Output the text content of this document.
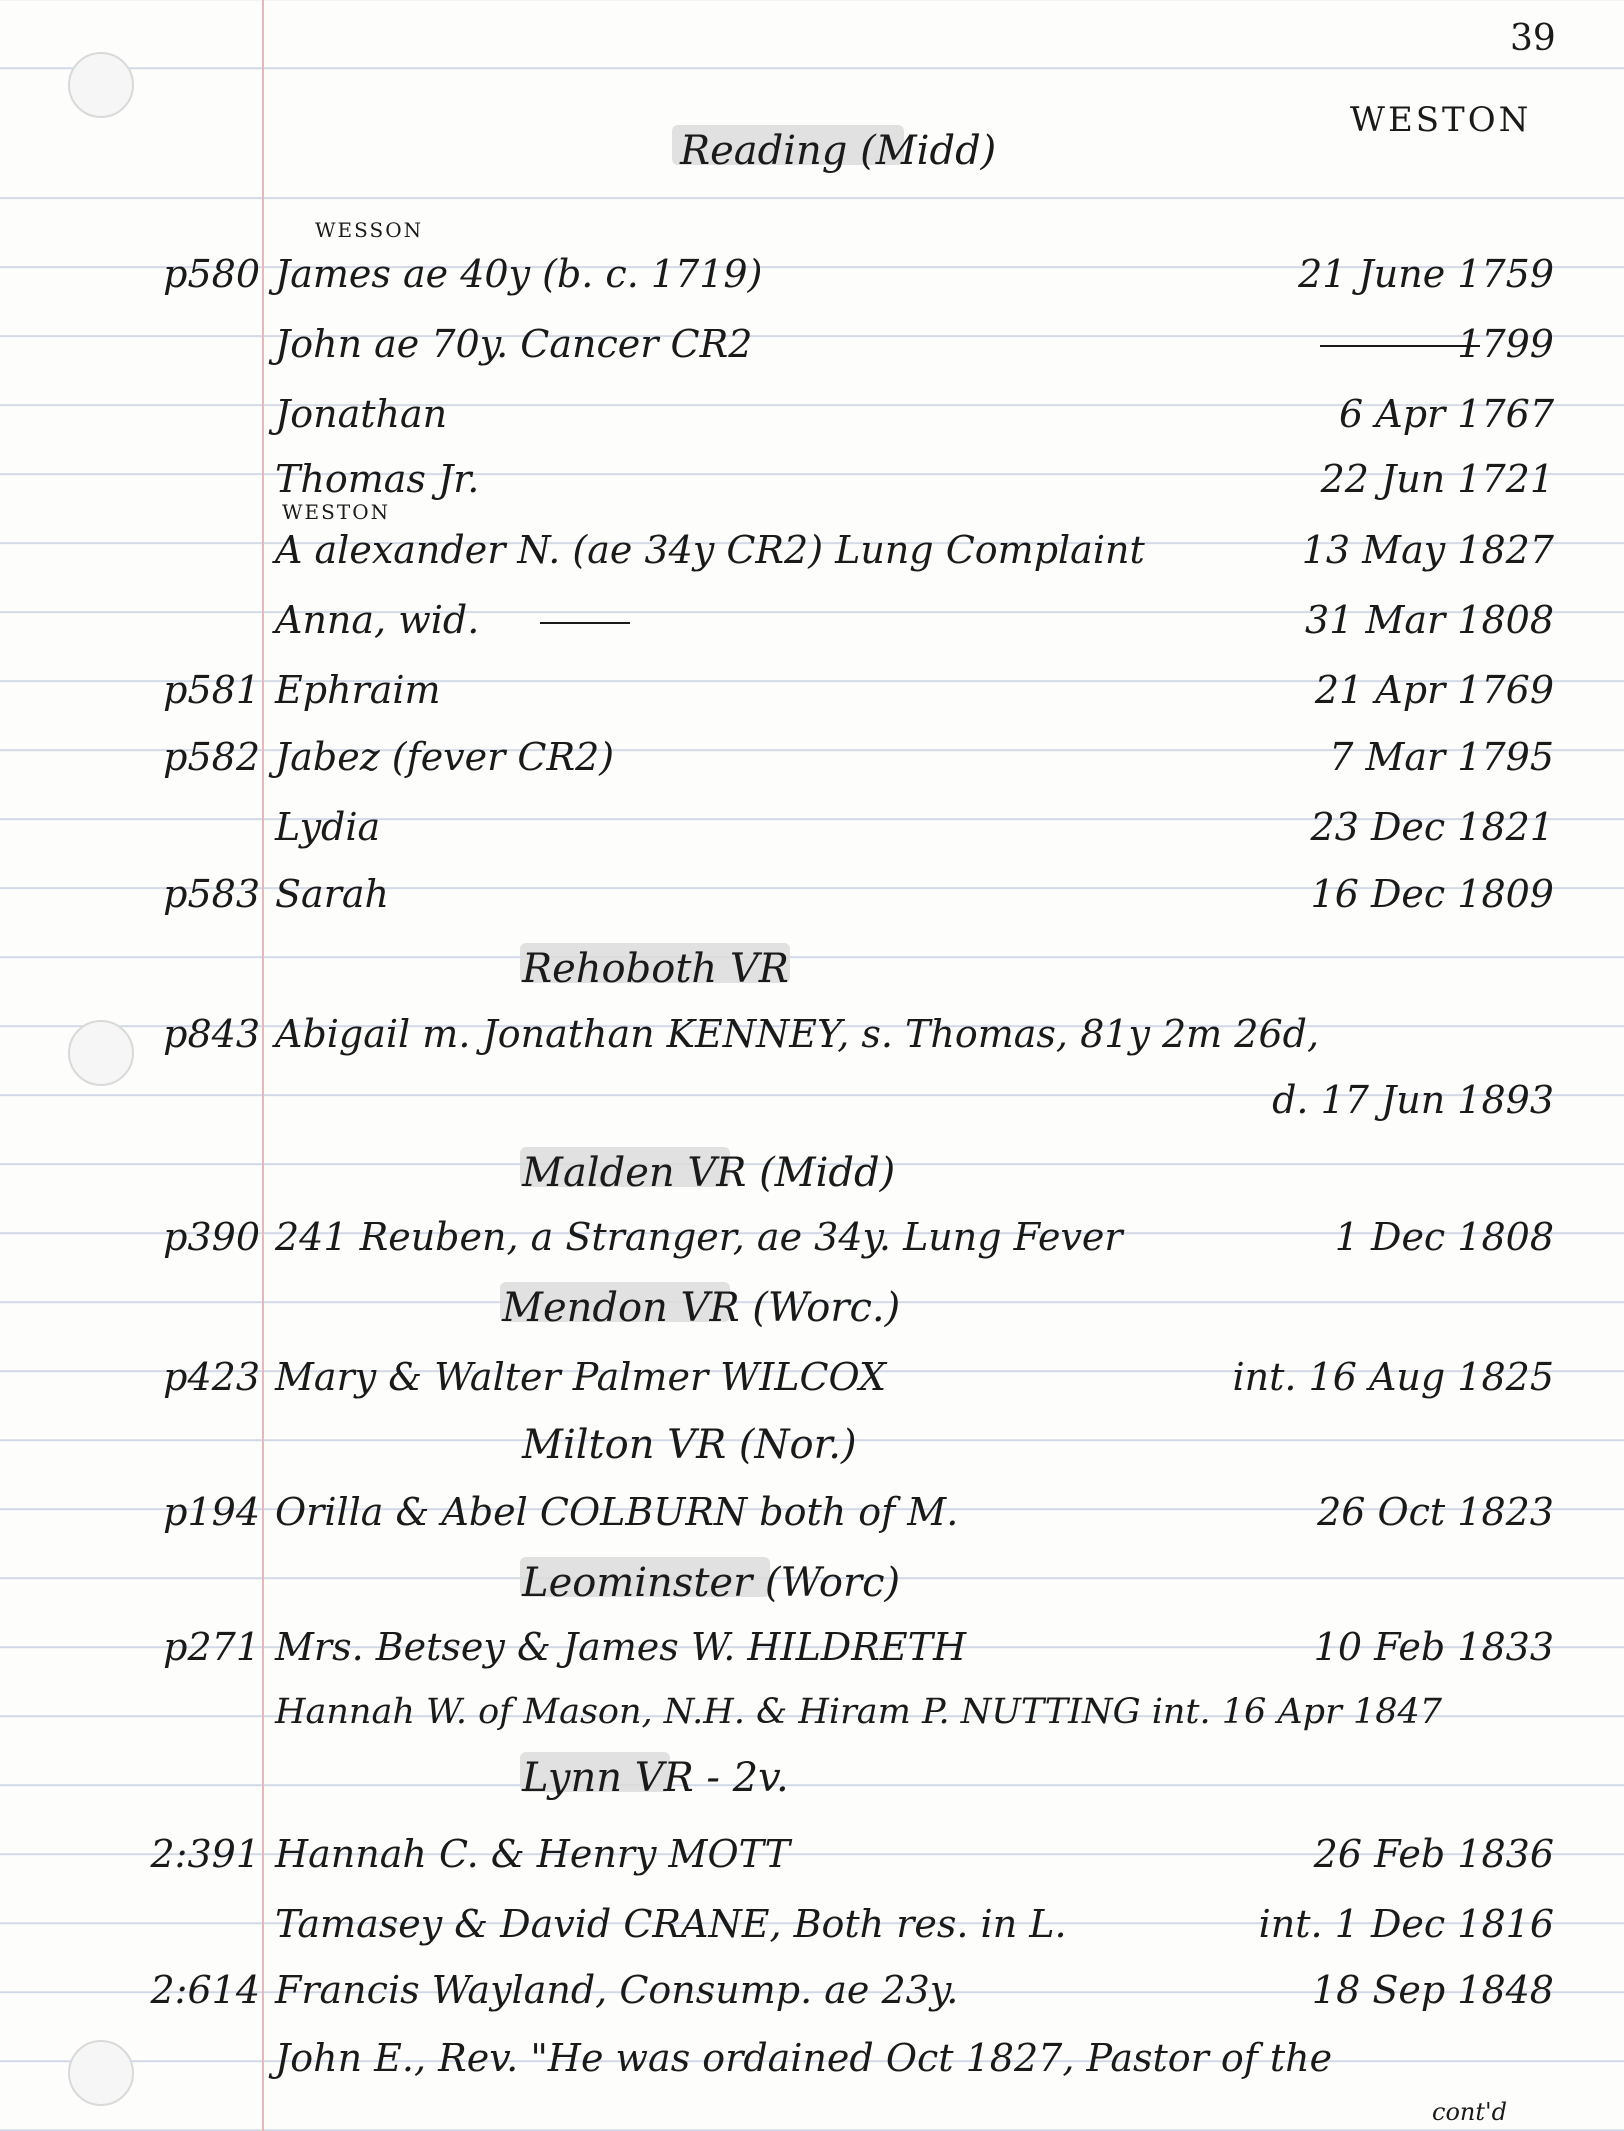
39
WESTON
Reading (Midd)
Rehoboth VR
Malden VR (Midd)
Mendon VR (Worc.)
Milton VR (Nor.)
Leominster (Worc)
Lynn VR - 2v.
WESSON
p580 James ae 40y (b. c. 1719)	21 June 1759
John ae 70y. Cancer CR2	1799
Jonathan	6 Apr 1767
Thomas Jr.	22 Jun 1721
WESTON
A alexander N. (ae 34y CR2) Lung Complaint	13 May 1827
Anna, wid.	31 Mar 1808
p581 Ephraim	21 Apr 1769
p582 Jabez (fever CR2)	7 Mar 1795
Lydia	23 Dec 1821
p583 Sarah	16 Dec 1809
p843 Abigail m. Jonathan KENNEY, s. Thomas, 81y 2m 26d,
d. 17 Jun 1893
p390 241 Reuben, a Stranger, ae 34y. Lung Fever	1 Dec 1808
p423 Mary & Walter Palmer WILCOX	int. 16 Aug 1825
p194 Orilla & Abel COLBURN both of M.	26 Oct 1823
p271 Mrs. Betsey & James W. HILDRETH	10 Feb 1833
Hannah W. of Mason, N.H. & Hiram P. NUTTING int. 16 Apr 1847
2:391 Hannah C. & Henry MOTT	26 Feb 1836
Tamasey & David CRANE, Both res. in L.	int. 1 Dec 1816
2:614 Francis Wayland, Consump. ae 23y.	18 Sep 1848
John E., Rev. "He was ordained Oct 1827, Pastor of the
cont'd
